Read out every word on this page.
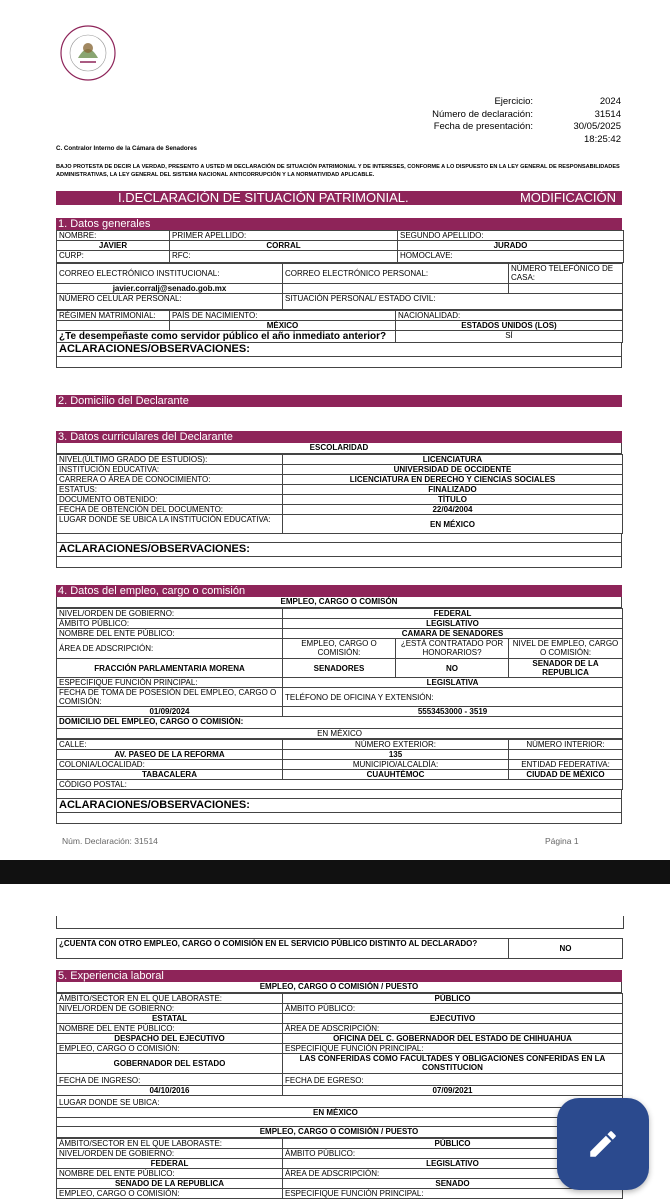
Ejercicio:	2024
Número de declaración:	31514
Fecha de presentación:	30/05/2025 18:25:42
C. Contralor Interno de la Cámara de Senadores
BAJO PROTESTA DE DECIR LA VERDAD, PRESENTO A USTED MI DECLARACIÓN DE SITUACIÓN PATRIMONIAL Y DE INTERESES, CONFORME A LO DISPUESTO EN LA LEY GENERAL DE RESPONSABILIDADES ADMINISTRATIVAS, LA LEY GENERAL DEL SISTEMA NACIONAL ANTICORRUPCIÓN Y LA NORMATIVIDAD APLICABLE.
I.DECLARACIÓN DE SITUACIÓN PATRIMONIAL.	MODIFICACIÓN
1. Datos generales
NOMBRE:	PRIMER APELLIDO:	SEGUNDO APELLIDO:
JAVIER	CORRAL	JURADO
CURP:	RFC:	HOMOCLAVE:
CORREO ELECTRÓNICO INSTITUCIONAL:	CORREO ELECTRÓNICO PERSONAL:	NÚMERO TELEFÓNICO DE CASA:
javier.corralj@senado.gob.mx		
NÚMERO CELULAR PERSONAL:	SITUACIÓN PERSONAL/ ESTADO CIVIL:	
RÉGIMEN MATRIMONIAL:	PAÍS DE NACIMIENTO:	NACIONALIDAD:
	MÉXICO	ESTADOS UNIDOS (LOS)
¿Te desempeñaste como servidor público el año inmediato anterior?		SÍ
ACLARACIONES/OBSERVACIONES:
2. Domicilio del Declarante
3. Datos curriculares del Declarante
ESCOLARIDAD
NIVEL(ÚLTIMO GRADO DE ESTUDIOS):	LICENCIATURA
INSTITUCIÓN EDUCATIVA:	UNIVERSIDAD DE OCCIDENTE
CARRERA O ÁREA DE CONOCIMIENTO:	LICENCIATURA EN DERECHO Y CIENCIAS SOCIALES
ESTATUS:	FINALIZADO
DOCUMENTO OBTENIDO:	TÍTULO
FECHA DE OBTENCIÓN DEL DOCUMENTO:	22/04/2004
LUGAR DONDE SE UBICA LA INSTITUCIÓN EDUCATIVA:	EN MÉXICO
ACLARACIONES/OBSERVACIONES:
4. Datos del empleo, cargo o comisión
EMPLEO, CARGO O COMISÓN
NIVEL/ORDEN DE GOBIERNO:	FEDERAL		
ÁMBITO PÚBLICO:	LEGISLATIVO		
NOMBRE DEL ENTE PÚBLICO:	CAMARA DE SENADORES		
ÁREA DE ADSCRIPCIÓN:	EMPLEO, CARGO O COMISIÓN:	¿ESTÁ CONTRATADO POR HONORARIOS?	NIVEL DE EMPLEO, CARGO O COMISIÓN:
FRACCIÓN PARLAMENTARIA MORENA	SENADORES	NO	SENADOR DE LA REPUBLICA
ESPECIFIQUE FUNCIÓN PRINCIPAL:	LEGISLATIVA		
FECHA DE TOMA DE POSESIÓN DEL EMPLEO, CARGO O COMISIÓN:	TELÉFONO DE OFICINA Y EXTENSIÓN:		
01/09/2024	5553453000 - 3519		
DOMICILIO DEL EMPLEO, CARGO O COMISIÓN:			
EN MÉXICO			
CALLE:	NÚMERO EXTERIOR:	NÚMERO INTERIOR:
AV. PASEO DE LA REFORMA	135	
COLONIA/LOCALIDAD:	MUNICIPIO/ALCALDÍA:	ENTIDAD FEDERATIVA:
TABACALERA	CUAUHTÉMOC	CIUDAD DE MÉXICO
CÓDIGO POSTAL:		
ACLARACIONES/OBSERVACIONES:
Núm. Declaración: 31514	Página 1
¿CUENTA CON OTRO EMPLEO, CARGO O COMISIÓN EN EL SERVICIO PÚBLICO DISTINTO AL DECLARADO?	NO
5. Experiencia laboral
EMPLEO, CARGO O COMISIÓN / PUESTO
ÁMBITO/SECTOR EN EL QUE LABORASTE:	PÚBLICO
NIVEL/ORDEN DE GOBIERNO:	ÁMBITO PÚBLICO:
ESTATAL	EJECUTIVO
NOMBRE DEL ENTE PÚBLICO:	ÁREA DE ADSCRIPCIÓN:
DESPACHO DEL EJECUTIVO	OFICINA DEL C. GOBERNADOR DEL ESTADO DE CHIHUAHUA
EMPLEO, CARGO O COMISIÓN:	ESPECIFIQUE FUNCIÓN PRINCIPAL:
GOBERNADOR DEL ESTADO	LAS CONFERIDAS COMO FACULTADES Y OBLIGACIONES CONFERIDAS EN LA CONSTITUCION
FECHA DE INGRESO:	FECHA DE EGRESO:
04/10/2016	07/09/2021
LUGAR DONDE SE UBICA:	
EN MÉXICO	
EMPLEO, CARGO O COMISIÓN / PUESTO
ÁMBITO/SECTOR EN EL QUE LABORASTE:	PÚBLICO
NIVEL/ORDEN DE GOBIERNO:	ÁMBITO PÚBLICO:
FEDERAL	LEGISLATIVO
NOMBRE DEL ENTE PÚBLICO:	ÁREA DE ADSCRIPCIÓN:
SENADO DE LA REPUBLICA	SENADO
EMPLEO, CARGO O COMISIÓN:	ESPECIFIQUE FUNCIÓN PRINCIPAL:
